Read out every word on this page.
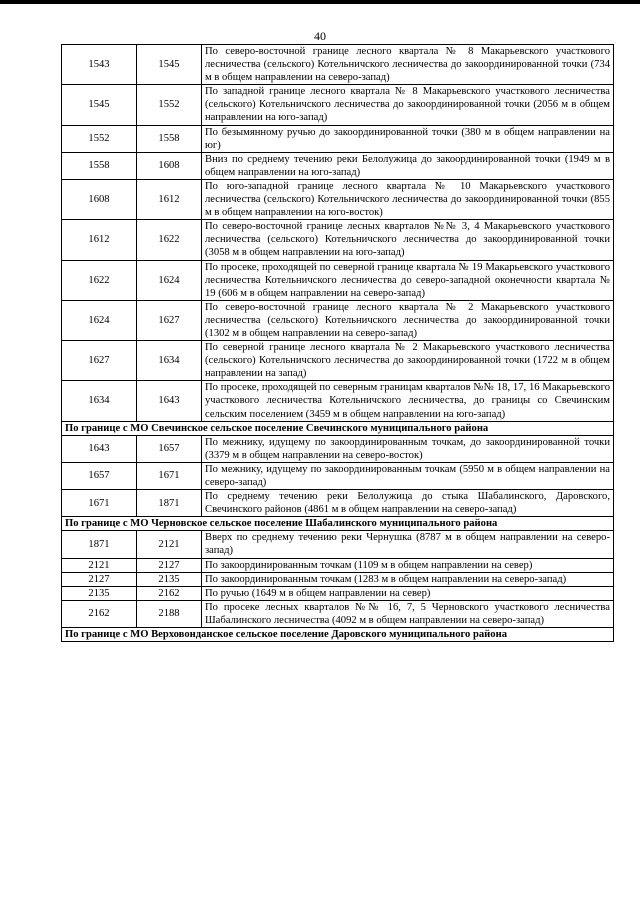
40
1543	1545	По северо-восточной границе лесного квартала № 8 Макарьевского участкового лесничества (сельского) Котельничского лесничества до закоординированной точки (734 м в общем направлении на северо-запад)
1545	1552	По западной границе лесного квартала № 8 Макарьевского участкового лесничества (сельского) Котельничского лесничества до закоординированной точки (2056 м в общем направлении на юго-запад)
1552	1558	По безымянному ручью до закоординированной точки (380 м в общем направлении на юг)
1558	1608	Вниз по среднему течению реки Белолужица до закоординированной точки (1949 м в общем направлении на юго-запад)
1608	1612	По юго-западной границе лесного квартала № 10 Макарьевского участкового лесничества (сельского) Котельничского лесничества до закоординированной точки (855 м в общем направлении на юго-восток)
1612	1622	По северо-восточной границе лесных кварталов №№ 3, 4 Макарьевского участкового лесничества (сельского) Котельничского лесничества до закоординированной точки (3058 м в общем направлении на юго-запад)
1622	1624	По просеке, проходящей по северной границе квартала № 19 Макарьевского участкового лесничества Котельничского лесничества до северо-западной оконечности квартала № 19 (606 м в общем направлении на северо-запад)
1624	1627	По северо-восточной границе лесного квартала № 2 Макарьевского участкового лесничества (сельского) Котельничского лесничества до закоординированной точки (1302 м в общем направлении на северо-запад)
1627	1634	По северной границе лесного квартала № 2 Макарьевского участкового лесничества (сельского) Котельничского лесничества до закоординированной точки (1722 м в общем направлении на запад)
1634	1643	По просеке, проходящей по северным границам кварталов №№ 18, 17, 16 Макарьевского участкового лесничества Котельничского лесничества, до границы со Свечинским сельским поселением (3459 м в общем направлении на юго-запад)
По границе с МО Свечинское сельское поселение Свечинского муниципального района		
1643	1657	По межнику, идущему по закоординированным точкам, до закоординированной точки (3379 м в общем направлении на северо-восток)
1657	1671	По межнику, идущему по закоординированным точкам (5950 м в общем направлении на северо-запад)
1671	1871	По среднему течению реки Белолужица до стыка Шабалинского, Даровского, Свечинского районов (4861 м в общем направлении на северо-запад)
По границе с МО Черновское сельское поселение Шабалинского муниципального района		
1871	2121	Вверх по среднему течению реки Чернушка (8787 м в общем направлении на северо-запад)
2121	2127	По закоординированным точкам (1109 м в общем направлении на север)
2127	2135	По закоординированным точкам (1283 м в общем направлении на северо-запад)
2135	2162	По ручью (1649 м в общем направлении на север)
2162	2188	По просеке лесных кварталов №№ 16, 7, 5 Черновского участкового лесничества Шабалинского лесничества (4092 м в общем направлении на северо-запад)
По границе с МО Верховонданское сельское поселение Даровского муниципального района		
